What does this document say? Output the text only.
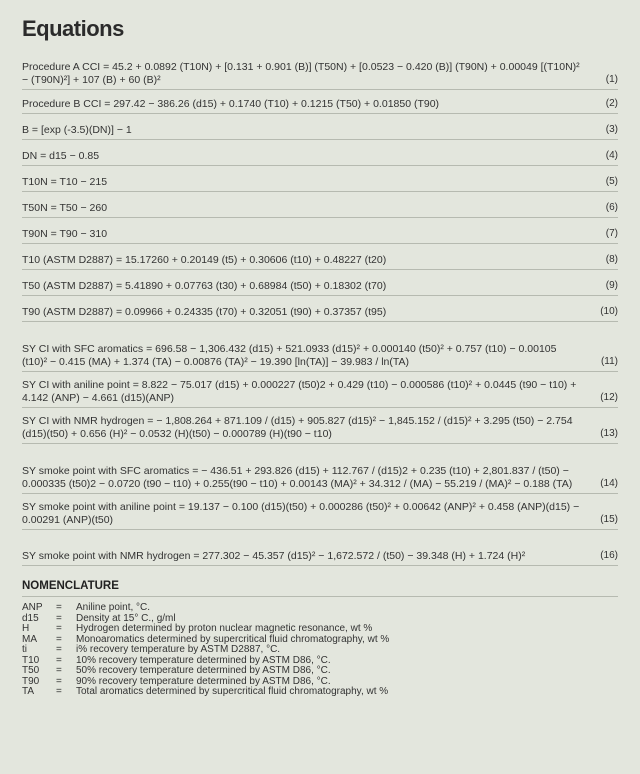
Equations
Procedure A CCI = 45.2 + 0.0892 (T10N) + [0.131 + 0.901 (B)] (T50N) + [0.0523 − 0.420 (B)] (T90N) + 0.00049 [(T10N)² − (T90N)²] + 107 (B) + 60 (B)²	(1)
Procedure B CCI = 297.42 − 386.26 (d15) + 0.1740 (T10) + 0.1215 (T50) + 0.01850 (T90)	(2)
B = [exp (-3.5)(DN)] − 1	(3)
DN = d15 − 0.85	(4)
T10N = T10 − 215	(5)
T50N = T50 − 260	(6)
T90N = T90 − 310	(7)
T10 (ASTM D2887) = 15.17260 + 0.20149 (t5) + 0.30606 (t10) + 0.48227 (t20)	(8)
T50 (ASTM D2887) = 5.41890 + 0.07763 (t30) + 0.68984 (t50) + 0.18302 (t70)	(9)
T90 (ASTM D2887) = 0.09966 + 0.24335 (t70) + 0.32051 (t90) + 0.37357 (t95)	(10)
SY CI with SFC aromatics = 696.58 − 1,306.432 (d15) + 521.0933 (d15)² + 0.000140 (t50)² + 0.757 (t10) − 0.00105 (t10)² − 0.415 (MA) + 1.374 (TA) − 0.00876 (TA)² − 19.390 [ln(TA)] − 39.983 / ln(TA)	(11)
SY CI with aniline point = 8.822 − 75.017 (d15) + 0.000227 (t50)2 + 0.429 (t10) − 0.000586 (t10)² + 0.0445 (t90 − t10) + 4.142 (ANP) − 4.661 (d15)(ANP)	(12)
SY CI with NMR hydrogen = − 1,808.264 + 871.109 / (d15) + 905.827 (d15)² − 1,845.152 / (d15)² + 3.295 (t50) − 2.754 (d15)(t50) + 0.656 (H)² − 0.0532 (H)(t50) − 0.000789 (H)(t90 − t10)	(13)
SY smoke point with SFC aromatics = − 436.51 + 293.826 (d15) + 112.767 / (d15)2 + 0.235 (t10) + 2,801.837 / (t50) − 0.000335 (t50)2 − 0.0720 (t90 − t10) + 0.255(t90 − t10) + 0.00143 (MA)² + 34.312 / (MA) − 55.219 / (MA)² − 0.188 (TA)	(14)
SY smoke point with aniline point = 19.137 − 0.100 (d15)(t50) + 0.000286 (t50)² + 0.00642 (ANP)² + 0.458 (ANP)(d15) − 0.00291 (ANP)(t50)	(15)
SY smoke point with NMR hydrogen = 277.302 − 45.357 (d15)² − 1,672.572 / (t50) − 39.348 (H) + 1.724 (H)²	(16)
NOMENCLATURE
ANP	=	Aniline point, °C.
d15	=	Density at 15° C., g/ml
H	=	Hydrogen determined by proton nuclear magnetic resonance, wt %
MA	=	Monoaromatics determined by supercritical fluid chromatography, wt %
ti	=	i% recovery temperature by ASTM D2887, °C.
T10	=	10% recovery temperature determined by ASTM D86, °C.
T50	=	50% recovery temperature determined by ASTM D86, °C.
T90	=	90% recovery temperature determined by ASTM D86, °C.
TA	=	Total aromatics determined by supercritical fluid chromatography, wt %
